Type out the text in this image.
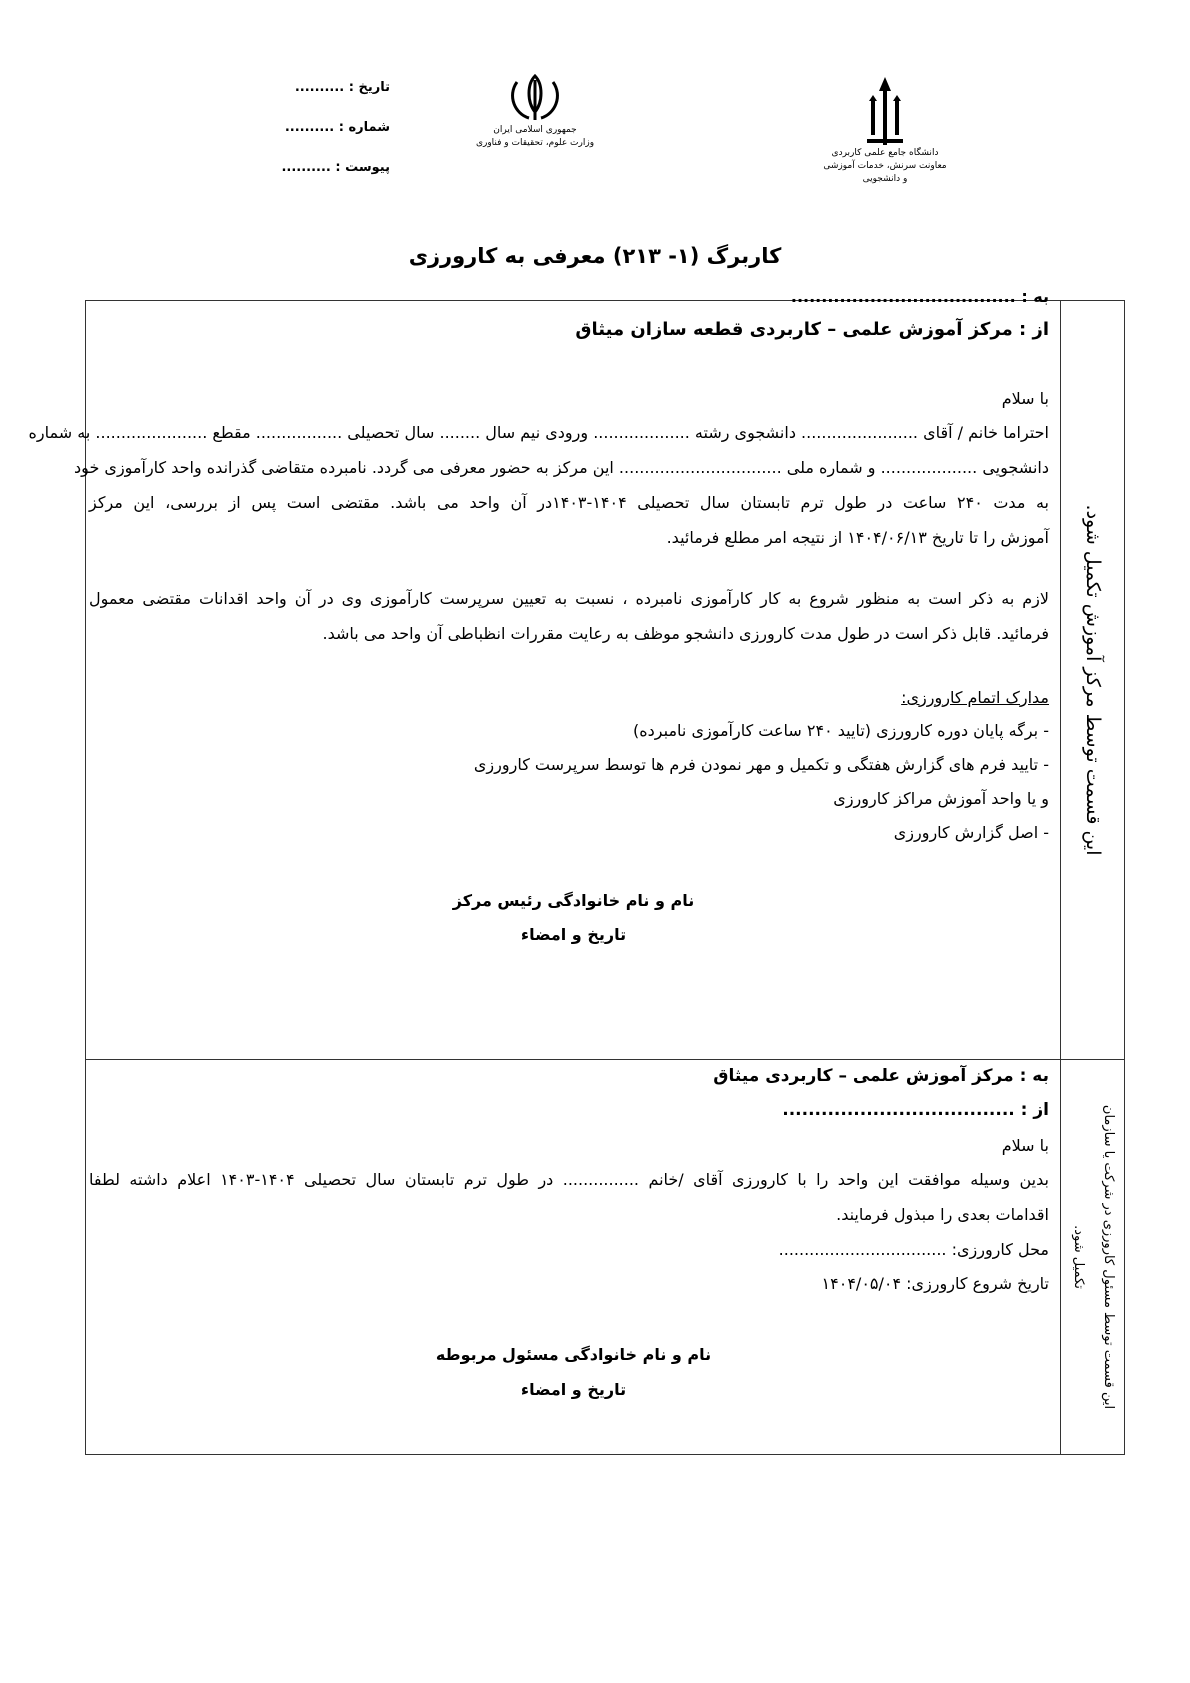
تاریخ : ..........
شماره : ..........
پیوست : ..........
جمهوری اسلامی ایران
وزارت علوم، تحقیقات و فناوری
دانشگاه جامع علمی کاربردی
معاونت سرنش، خدمات آموزشی و دانشجویی
کاربرگ (۱- ۲۱۳) معرفی به کارورزی
این قسمت توسط مرکز آموزش تکمیل شود.
به : .....................................
از : مرکز آموزش علمی – کاربردی قطعه سازان میثاق
با سلام
احتراما خانم / آقای ....................... دانشجوی رشته ................... ورودی نیم سال ........ سال تحصیلی ................. مقطع ...................... به شماره
دانشجویی ................... و شماره ملی ................................ این مرکز به حضور معرفی می گردد. نامبرده متقاضی گذرانده واحد کارآموزی خود
به مدت ۲۴۰ ساعت در طول ترم تابستان سال تحصیلی ۱۴۰۴-۱۴۰۳در آن واحد می باشد. مقتضی است پس از بررسی، این مرکز
آموزش را تا تاریخ ۱۴۰۴/۰۶/۱۳ از نتیجه امر مطلع فرمائید.
لازم به ذکر است به منظور شروع به کار کارآموزی نامبرده ، نسبت به تعیین سرپرست کارآموزی وی در آن واحد اقدانات مقتضی معمول
فرمائید. قابل ذکر است در طول مدت کارورزی دانشجو موظف به رعایت مقررات انظباطی آن واحد می باشد.
مدارک اتمام کارورزی:
- برگه پایان دوره کارورزی (تایید ۲۴۰ ساعت کارآموزی نامبرده)
- تایید فرم های گزارش هفتگی و تکمیل و مهر نمودن فرم ها توسط سرپرست کارورزی
و یا واحد آموزش مراکز کارورزی
- اصل گزارش کارورزی
نام و نام خانوادگی رئیس مرکز
تاریخ و امضاء
این قسمت توسط مسئول کارورزی در شرکت یا سازمان تکمیل شود.
به : مرکز آموزش علمی – کاربردی میثاق
از : ....................................
با سلام
بدین وسیله موافقت این واحد را با کارورزی آقای /خانم ............... در طول ترم تابستان سال تحصیلی ۱۴۰۴-۱۴۰۳ اعلام داشته لطفا
اقدامات بعدی را مبذول فرمایند.
محل کارورزی: .................................
تاریخ شروع کارورزی: ۱۴۰۴/۰۵/۰۴
نام و نام خانوادگی مسئول مربوطه
تاریخ و امضاء
